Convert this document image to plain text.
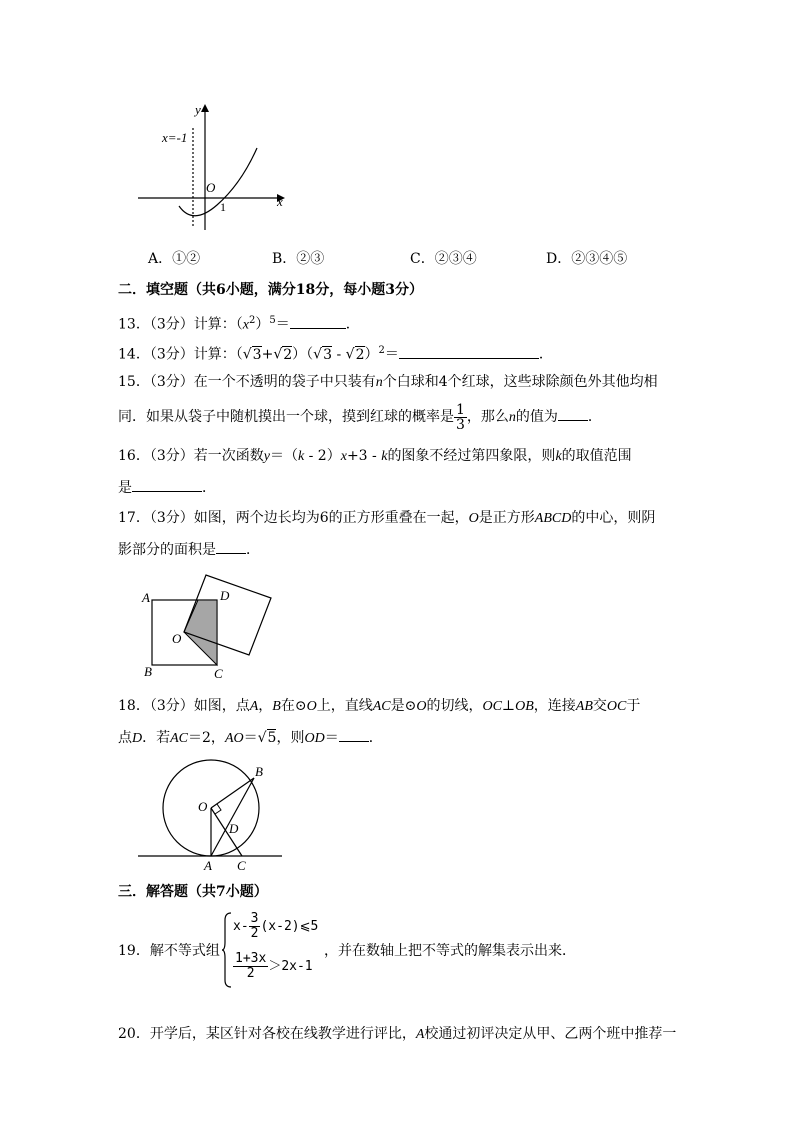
y
x
x=-1
O
1
A．①②	B．②③	C．②③④	D．②③④⑤
二．填空题（共6小题，满分18分，每小题3分）
13．（3分）计算：$(x^2)^5=$	．
14．（3分）计算：（√3+√2）（√3 - √2）$^2$＝	．
15．（3分）在一个不透明的袋子中只装有n个白球和4个红球，这些球除颜色外其他均相
同．如果从袋子中随机摸出一个球，摸到红球的概率是 $\frac{1}{3}$ ，那么n的值为 ．
16．（3分）若一次函数y＝（k - 2）x+3 - k的图象不经过第四象限，则k的取值范围
是	．
17．（3分）如图，两个边长均为6的正方形重叠在一起，O是正方形ABCD的中心，则阴
影部分的面积是 ．
A
B	C
D
O
18．（3分）如图，点A，B在⊙O上，直线AC是⊙O的切线，OC⊥OB，连接AB交OC于
点D．若AC＝2，AO＝√5，则OD＝ ．
O
B
D
A C
三．解答题（共7小题）
19．解不等式组
$x- \frac{3}{2}$ (x-2)⩽5
$\frac{1+3x}{2} >2x-1$
，并在数轴上把不等式的解集表示出来．
20．开学后，某区针对各校在线教学进行评比，A校通过初评决定从甲、乙两个班中推荐一
